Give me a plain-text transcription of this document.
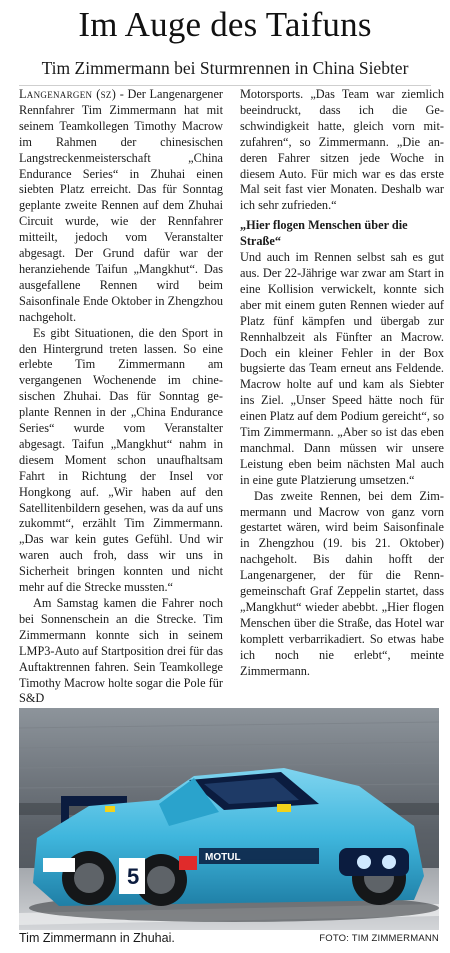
Im Auge des Taifuns
Tim Zimmermann bei Sturmrennen in China Siebter

Langenargen (sz) - Der Langenargener Rennfahrer Tim Zimmermann hat mit seinem Teamkollegen Timothy Macrow im Rahmen der chinesischen Langstreckenmeisterschaft „China Endurance Series“ in Zhuhai einen siebten Platz erreicht. Das für Sonntag geplante zweite Rennen auf dem Zhuhai Circuit wurde, wie der Rennfahrer mitteilt, jedoch vom Veranstalter abgesagt. Der Grund dafür war der heranziehende Taifun „Mangkhut“. Das ausgefallene Rennen wird beim Saisonfinale Ende Oktober in Zhengzhou nachgeholt.

Es gibt Situationen, die den Sport in den Hintergrund treten lassen. So eine erlebte Tim Zimmermann am vergangenen Wochenende im chinesischen Zhuhai. Das für Sonntag geplante Rennen in der „China Endurance Series“ wurde vom Veranstalter abgesagt. Taifun „Mangkhut“ nahm in diesem Moment schon unaufhaltsam Fahrt in Richtung der Insel vor Hongkong auf. „Wir haben auf den Satellitenbildern gesehen, was da auf uns zukommt“, erzählt Tim Zimmermann. „Das war kein gutes Gefühl. Und wir waren auch froh, dass wir uns in Sicherheit bringen konnten und nicht mehr auf die Strecke mussten.“

Am Samstag kamen die Fahrer noch bei Sonnenschein an die Strecke. Tim Zimmermann konnte sich in seinem LMP3-Auto auf Startposition drei für das Auftaktrennen fahren. Sein Teamkollege Timothy Macrow holte sogar die Pole für S&D

Motorsports. „Das Team war ziemlich beeindruckt, dass ich die Geschwindigkeit hatte, gleich vorn mitzufahren“, so Zimmermann. „Die anderen Fahrer sitzen jede Woche in diesem Auto. Für mich war es das erste Mal seit fast vier Monaten. Deshalb war ich sehr zufrieden.“

„Hier flogen Menschen über die Straße“

Und auch im Rennen selbst sah es gut aus. Der 22-Jährige war zwar am Start in eine Kollision verwickelt, konnte sich aber mit einem guten Rennen wieder auf Platz fünf kämpfen und übergab zur Rennhalbzeit als Fünfter an Macrow. Doch ein kleiner Fehler in der Box bugsierte das Team erneut ans Feldende. Macrow holte auf und kam als Siebter ins Ziel. „Unser Speed hätte noch für einen Platz auf dem Podium gereicht“, so Tim Zimmermann. „Aber so ist das eben manchmal. Dann müssen wir unsere Leistung eben beim nächsten Mal auch in eine gute Platzierung umsetzen.“

Das zweite Rennen, bei dem Zimmermann und Macrow von ganz vorn gestartet wären, wird beim Saisonfinale in Zhengzhou (19. bis 21. Oktober) nachgeholt. Bis dahin hofft der Langenargener, der für die Renngemeinschaft Graf Zeppelin startet, dass „Mangkhut“ wieder abebbt. „Hier flogen Menschen über die Straße, das Hotel war komplett verbarrikadiert. So etwas habe ich noch nie erlebt“, meinte Zimmermann.

5
MOTUL
Tim Zimmermann in Zhuhai.	FOTO: TIM ZIMMERMANN
